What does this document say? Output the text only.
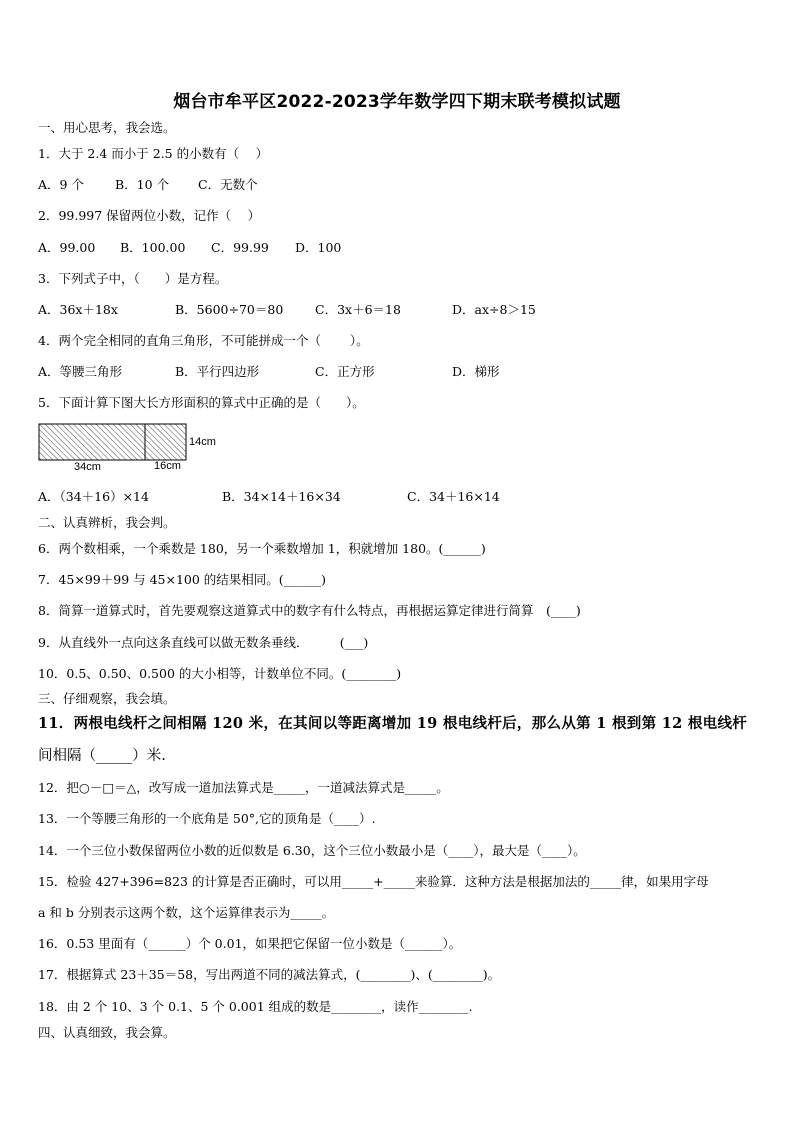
烟台市牟平区2022-2023学年数学四下期末联考模拟试题
一、用心思考，我会选。
1．大于 2.4 而小于 2.5 的小数有（　 ）
A．9 个 B．10 个 C．无数个
2．99.997 保留两位小数，记作（　 ）
A．99.00 B．100.00 C．99.99 D．100
3．下列式子中，（　　）是方程。
A．36x＋18x	B．5600÷70＝80	C．3x＋6＝18	D．ax÷8＞15
4．两个完全相同的直角三角形，不可能拼成一个（　　 ）。
A．等腰三角形	B．平行四边形	C．正方形	D．梯形
5．下面计算下图大长方形面积的算式中正确的是（　　）。
14cm
34cm	16cm
A．（34＋16）×14	B．34×14＋16×34	C．34＋16×14
二、认真辨析，我会判。
6．两个数相乘，一个乘数是 180，另一个乘数增加 1，积就增加 180。(______)
7．45×99＋99 与 45×100 的结果相同。(______)
8．简算一道算式时，首先要观察这道算式中的数字有什么特点，再根据运算定律进行简算　(____)
9．从直线外一点向这条直线可以做无数条垂线．　　　(___)
10．0.5、0.50、0.500 的大小相等，计数单位不同。(________)
三、仔细观察，我会填。
11．两根电线杆之间相隔 120 米，在其间以等距离增加 19 根电线杆后，那么从第 1 根到第 12 根电线杆
间相隔（_____）米.
12．把○－□＝△，改写成一道加法算式是_____，一道减法算式是_____。
13．一个等腰三角形的一个底角是 50°,它的顶角是（____）.
14．一个三位小数保留两位小数的近似数是 6.30，这个三位小数最小是（____），最大是（____）。
15．检验 427+396=823 的计算是否正确时，可以用_____+_____来验算．这种方法是根据加法的_____律，如果用字母
a 和 b 分别表示这两个数，这个运算律表示为_____。
16．0.53 里面有（______）个 0.01，如果把它保留一位小数是（______）。
17．根据算式 23＋35＝58，写出两道不同的减法算式，(________)、(________)。
18．由 2 个 10、3 个 0.1、5 个 0.001 组成的数是________，读作________.
四、认真细致，我会算。
